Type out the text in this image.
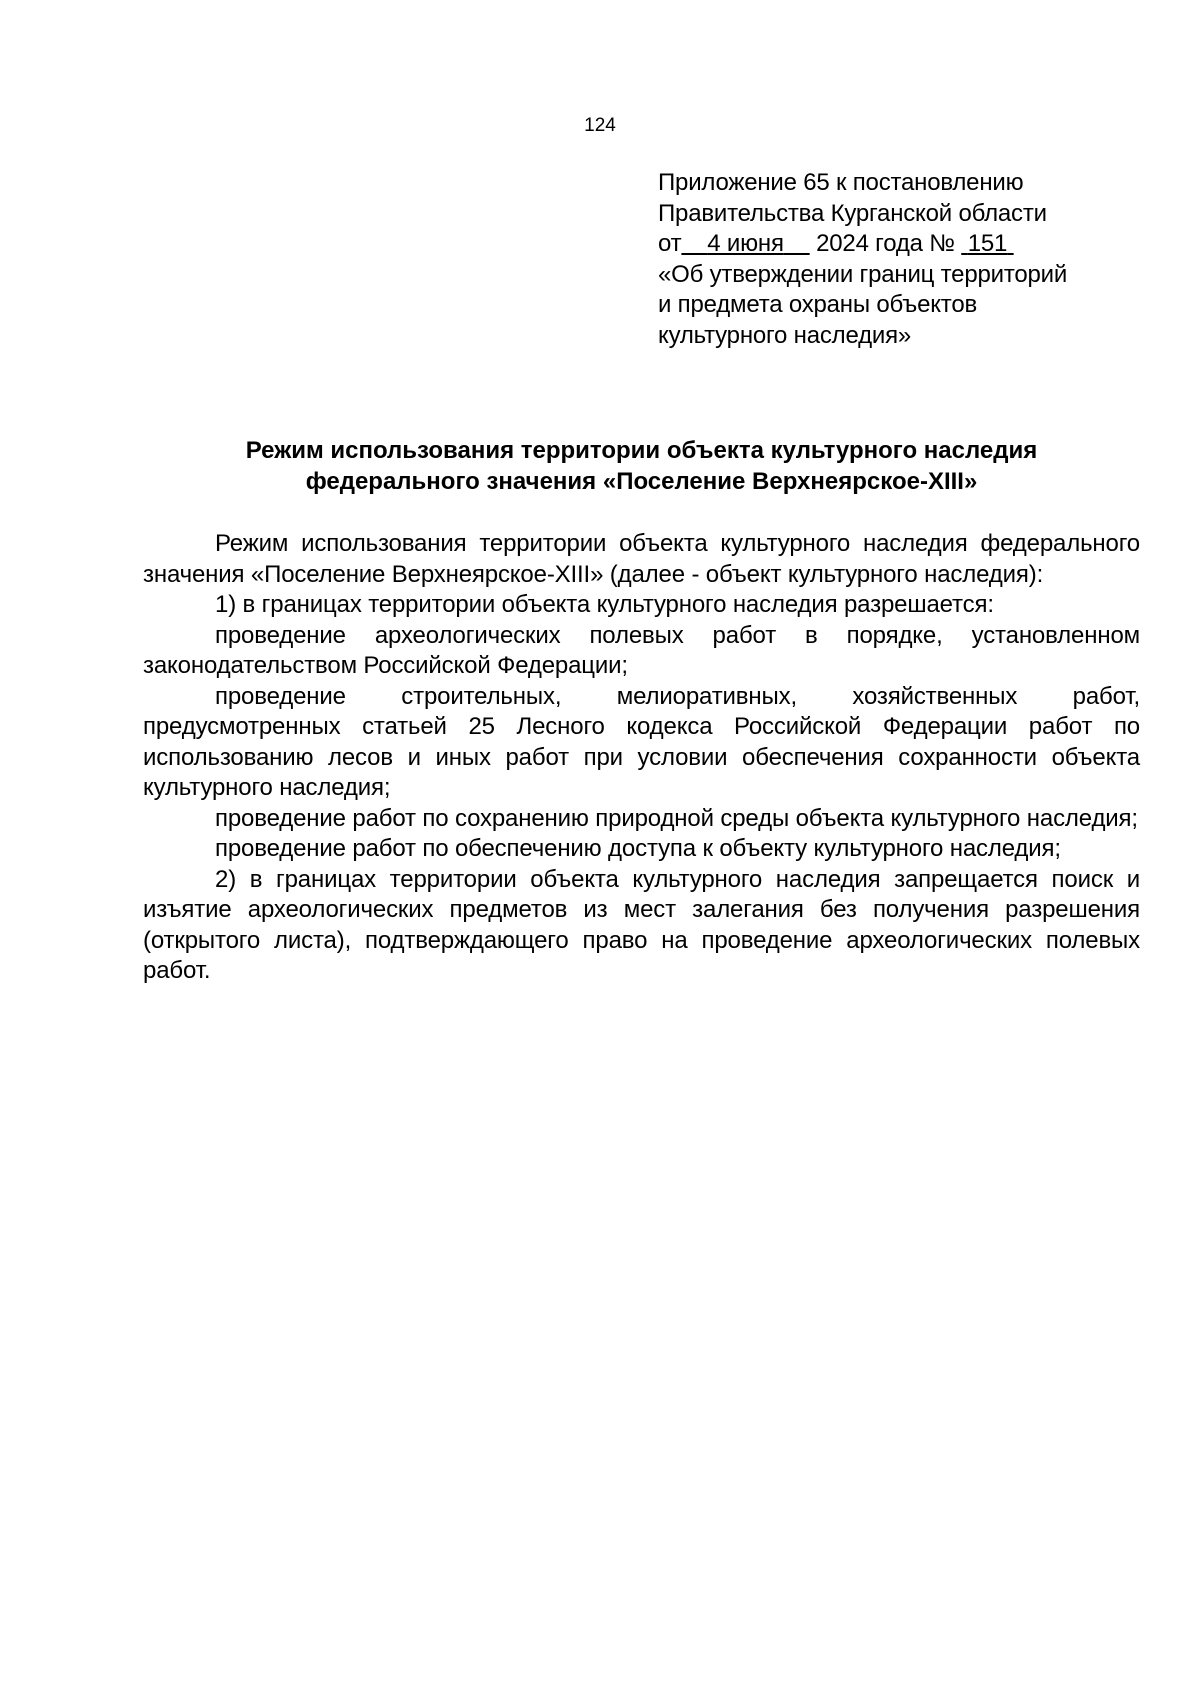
124
Приложение 65 к постановлению
Правительства Курганской области
от 4 июня 2024 года № 151
«Об утверждении границ территорий
и предмета охраны объектов
культурного наследия»
Режим использования территории объекта культурного наследия
федерального значения «Поселение Верхнеярское-XIII»

Режим использования территории объекта культурного наследия федерального значения «Поселение Верхнеярское-XIII» (далее - объект культурного наследия):

1) в границах территории объекта культурного наследия разрешается:

проведение археологических полевых работ в порядке, установленном законодательством Российской Федерации;

проведение строительных, мелиоративных, хозяйственных работ, предусмотренных статьей 25 Лесного кодекса Российской Федерации работ по использованию лесов и иных работ при условии обеспечения сохранности объекта культурного наследия;

проведение работ по сохранению природной среды объекта культурного наследия;

проведение работ по обеспечению доступа к объекту культурного наследия;

2) в границах территории объекта культурного наследия запрещается поиск и изъятие археологических предметов из мест залегания без получения разрешения (открытого листа), подтверждающего право на проведение археологических полевых работ.
